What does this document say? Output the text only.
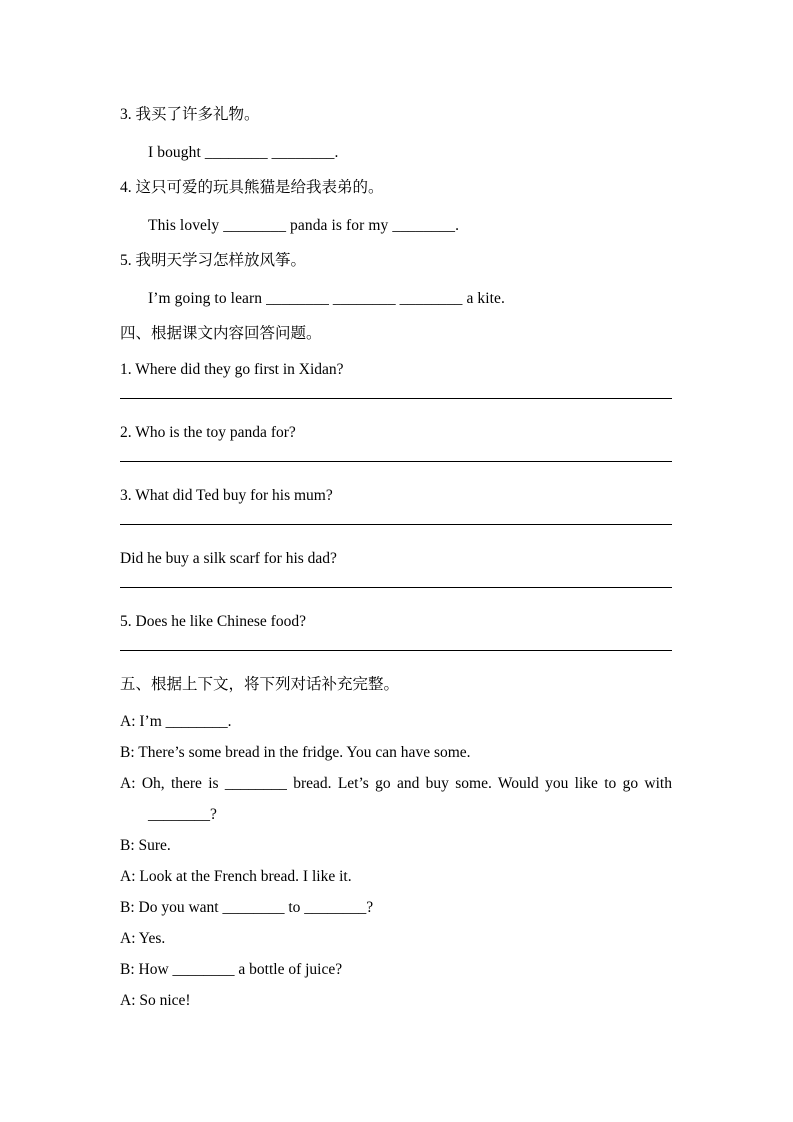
3. 我买了许多礼物。
I bought ________ ________.
4. 这只可爱的玩具熊猫是给我表弟的。
This lovely ________ panda is for my ________.
5. 我明天学习怎样放风筝。
I’m going to learn ________ ________ ________ a kite.
四、根据课文内容回答问题。
1. Where did they go first in Xidan?
2. Who is the toy panda for?
3. What did Ted buy for his mum?
Did he buy a silk scarf for his dad?
5. Does he like Chinese food?
五、根据上下文，将下列对话补充完整。
A: I’m ________.
B: There’s some bread in the fridge. You can have some.
A: Oh, there is ________ bread. Let’s go and buy some. Would you like to go with
________?
B: Sure.
A: Look at the French bread. I like it.
B: Do you want ________ to ________?
A: Yes.
B: How ________ a bottle of juice?
A: So nice!
